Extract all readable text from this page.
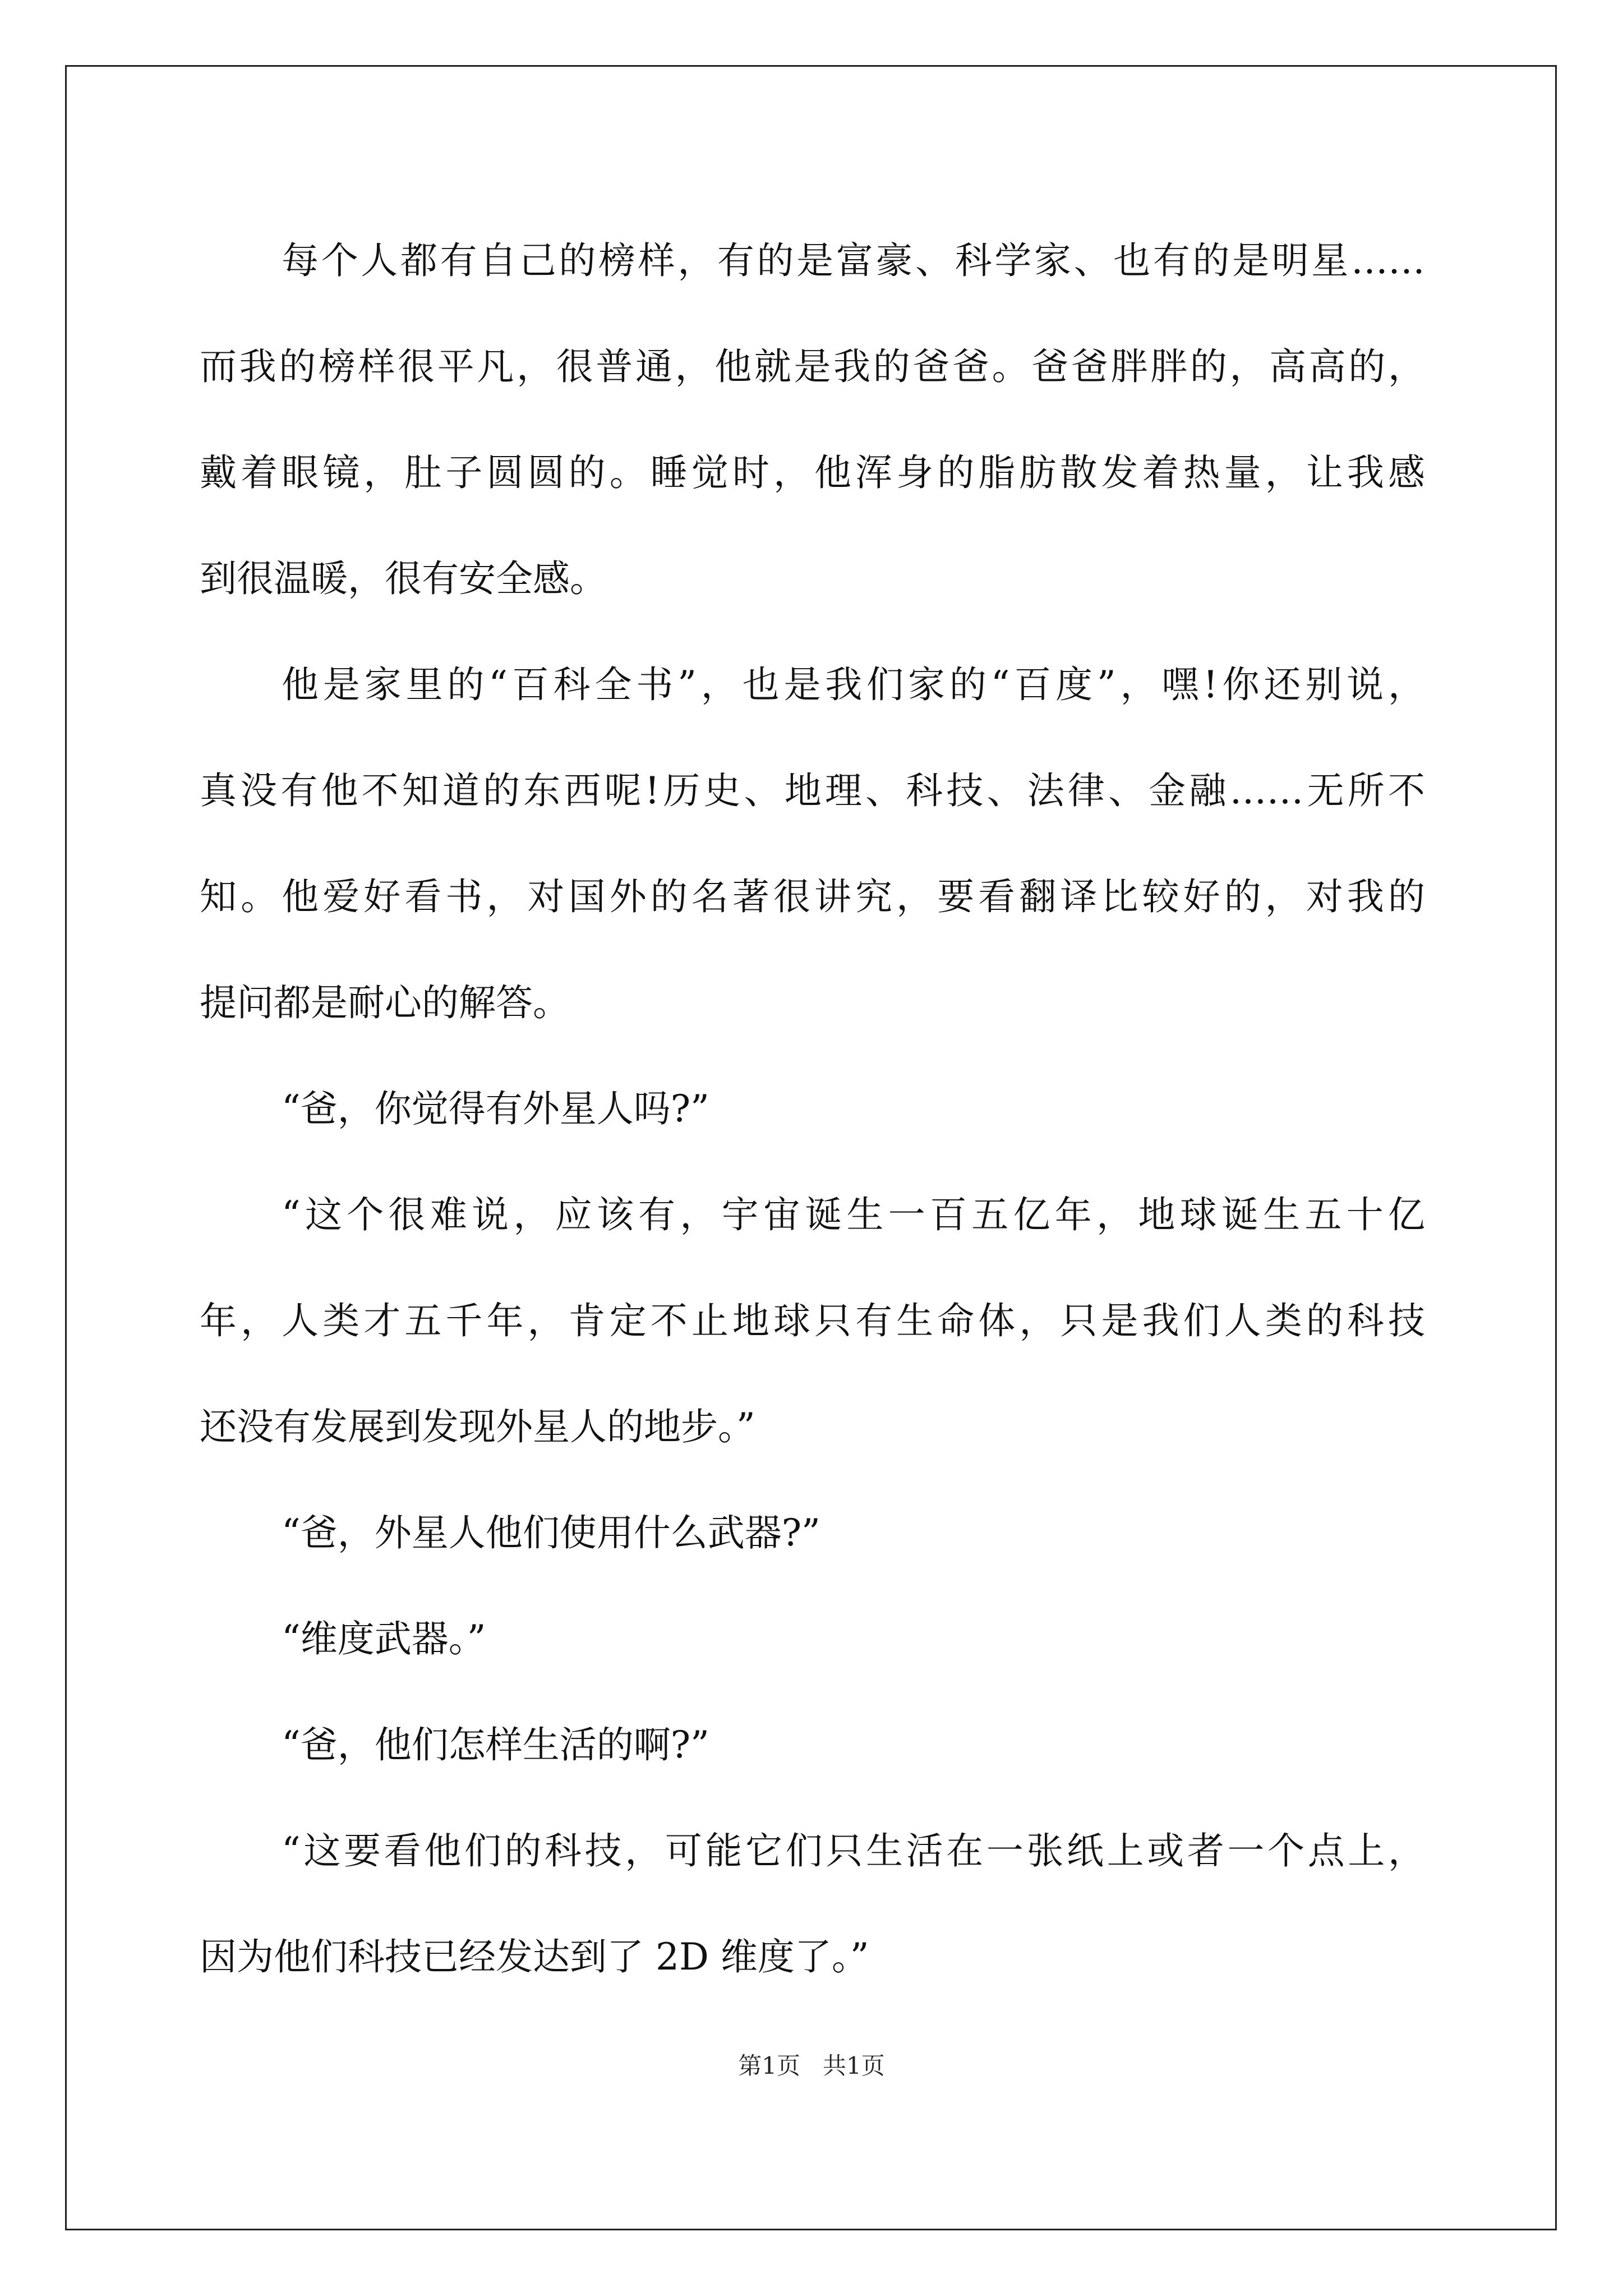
每个人都有自己的榜样，有的是富豪、科学家、也有的是明星……
而我的榜样很平凡，很普通，他就是我的爸爸。爸爸胖胖的，高高的，
戴着眼镜，肚子圆圆的。睡觉时，他浑身的脂肪散发着热量，让我感
到很温暖，很有安全感。
他是家里的“百科全书”，也是我们家的“百度”，嘿!你还别说，
真没有他不知道的东西呢!历史、地理、科技、法律、金融……无所不
知。他爱好看书，对国外的名著很讲究，要看翻译比较好的，对我的
提问都是耐心的解答。
“爸，你觉得有外星人吗?”
“这个很难说，应该有，宇宙诞生一百五亿年，地球诞生五十亿
年，人类才五千年，肯定不止地球只有生命体，只是我们人类的科技
还没有发展到发现外星人的地步。”
“爸，外星人他们使用什么武器?”
“维度武器。”
“爸，他们怎样生活的啊?”
“这要看他们的科技，可能它们只生活在一张纸上或者一个点上，
因为他们科技已经发达到了 2D 维度了。”
第1页 共1页
